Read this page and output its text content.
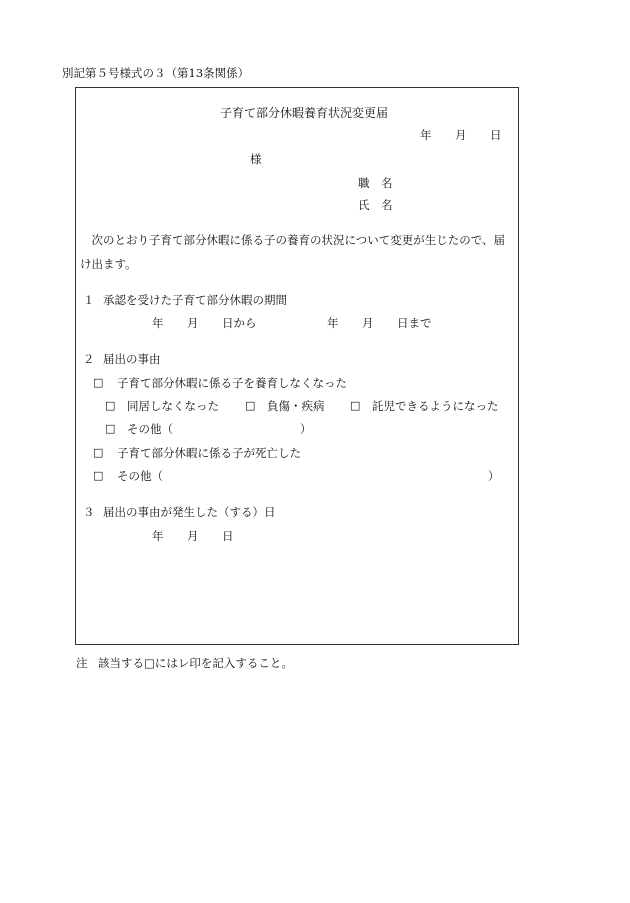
別記第５号様式の３（第13条関係）
子育て部分休暇養育状況変更届
年 月 日
様
職　名
氏　名
　次のとおり子育て部分休暇に係る子の養育の状況について変更が生じたので、届け出ます。
１ 承認を受けた子育て部分休暇の期間
年 月 日から	年 月 日まで
２ 届出の事由
□ 子育て部分休暇に係る子を養育しなくなった
□ 同居しなくなった □ 負傷・疾病 □ 託児できるようになった
□ その他（	）
□ 子育て部分休暇に係る子が死亡した
□ その他（	）
３ 届出の事由が発生した（する）日
年 月 日
注 該当する□にはレ印を記入すること。
